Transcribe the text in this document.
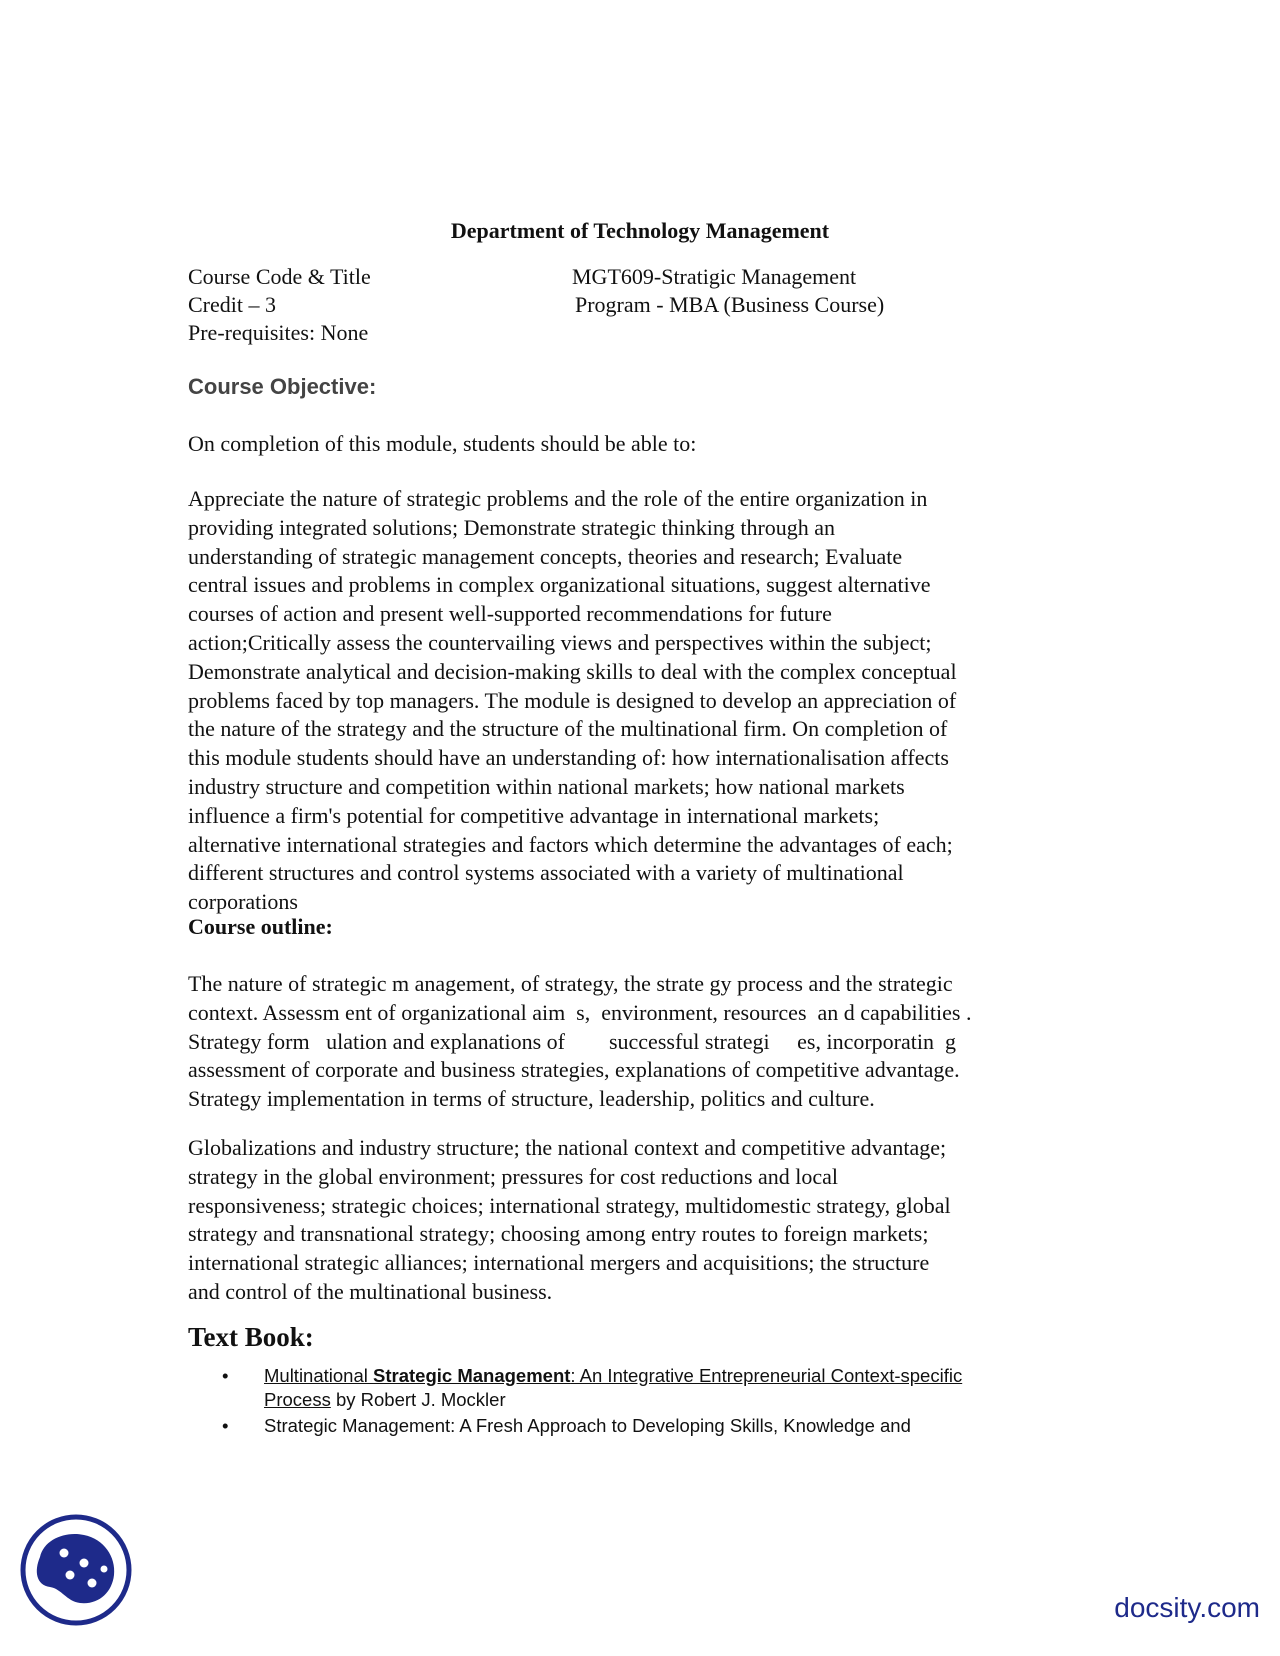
Department of Technology Management
Course Code & Title	MGT609-Stratigic Management
Credit – 3	Program - MBA (Business Course)
Pre-requisites: None
Course Objective:
On completion of this module, students should be able to:

Appreciate the nature of strategic problems and the role of the entire organization in

providing integrated solutions; Demonstrate strategic thinking through an

understanding of strategic management concepts, theories and research; Evaluate

central issues and problems in complex organizational situations, suggest alternative

courses of action and present well-supported recommendations for future

action;Critically assess the countervailing views and perspectives within the subject;

Demonstrate analytical and decision-making skills to deal with the complex conceptual

problems faced by top managers. The module is designed to develop an appreciation of

the nature of the strategy and the structure of the multinational firm. On completion of

this module students should have an understanding of: how internationalisation affects

industry structure and competition within national markets; how national markets

influence a firm's potential for competitive advantage in international markets;

alternative international strategies and factors which determine the advantages of each;

different structures and control systems associated with a variety of multinational

corporations

Course outline:

The nature of strategic m anagement, of strategy, the strate gy process and the strategic

context. Assessm ent of organizational aim  s,  environment, resources  an d capabilities .

Strategy form   ulation and explanations of        successful strategi     es, incorporatin  g

assessment of corporate and business strategies, explanations of competitive advantage.

Strategy implementation in terms of structure, leadership, politics and culture.

Globalizations and industry structure; the national context and competitive advantage;

strategy in the global environment; pressures for cost reductions and local

responsiveness; strategic choices; international strategy, multidomestic strategy, global

strategy and transnational strategy; choosing among entry routes to foreign markets;

international strategic alliances; international mergers and acquisitions; the structure

and control of the multinational business.

Text Book:
• Multinational Strategic Management: An Integrative Entrepreneurial Context-specific
Process by Robert J. Mockler
• Strategic Management: A Fresh Approach to Developing Skills, Knowledge and
docsity.com
